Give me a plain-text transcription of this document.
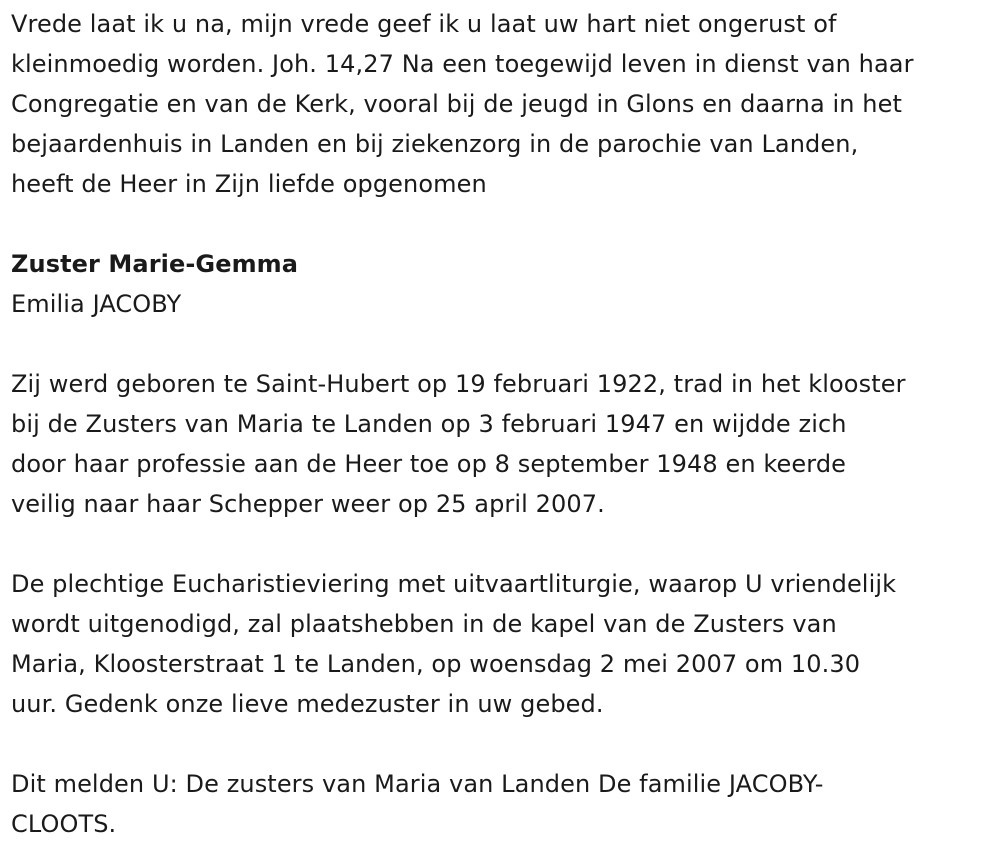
Vrede laat ik u na, mijn vrede geef ik u laat uw hart niet ongerust of
kleinmoedig worden. Joh. 14,27 Na een toegewijd leven in dienst van haar
Congregatie en van de Kerk, vooral bij de jeugd in Glons en daarna in het
bejaardenhuis in Landen en bij ziekenzorg in de parochie van Landen,
heeft de Heer in Zijn liefde opgenomen

Zuster Marie-Gemma

Emilia JACOBY

Zij werd geboren te Saint-Hubert op 19 februari 1922, trad in het klooster
bij de Zusters van Maria te Landen op 3 februari 1947 en wijdde zich
door haar professie aan de Heer toe op 8 september 1948 en keerde
veilig naar haar Schepper weer op 25 april 2007.

De plechtige Eucharistieviering met uitvaartliturgie, waarop U vriendelijk
wordt uitgenodigd, zal plaatshebben in de kapel van de Zusters van
Maria, Kloosterstraat 1 te Landen, op woensdag 2 mei 2007 om 10.30
uur. Gedenk onze lieve medezuster in uw gebed.

Dit melden U: De zusters van Maria van Landen De familie JACOBY-
CLOOTS.
